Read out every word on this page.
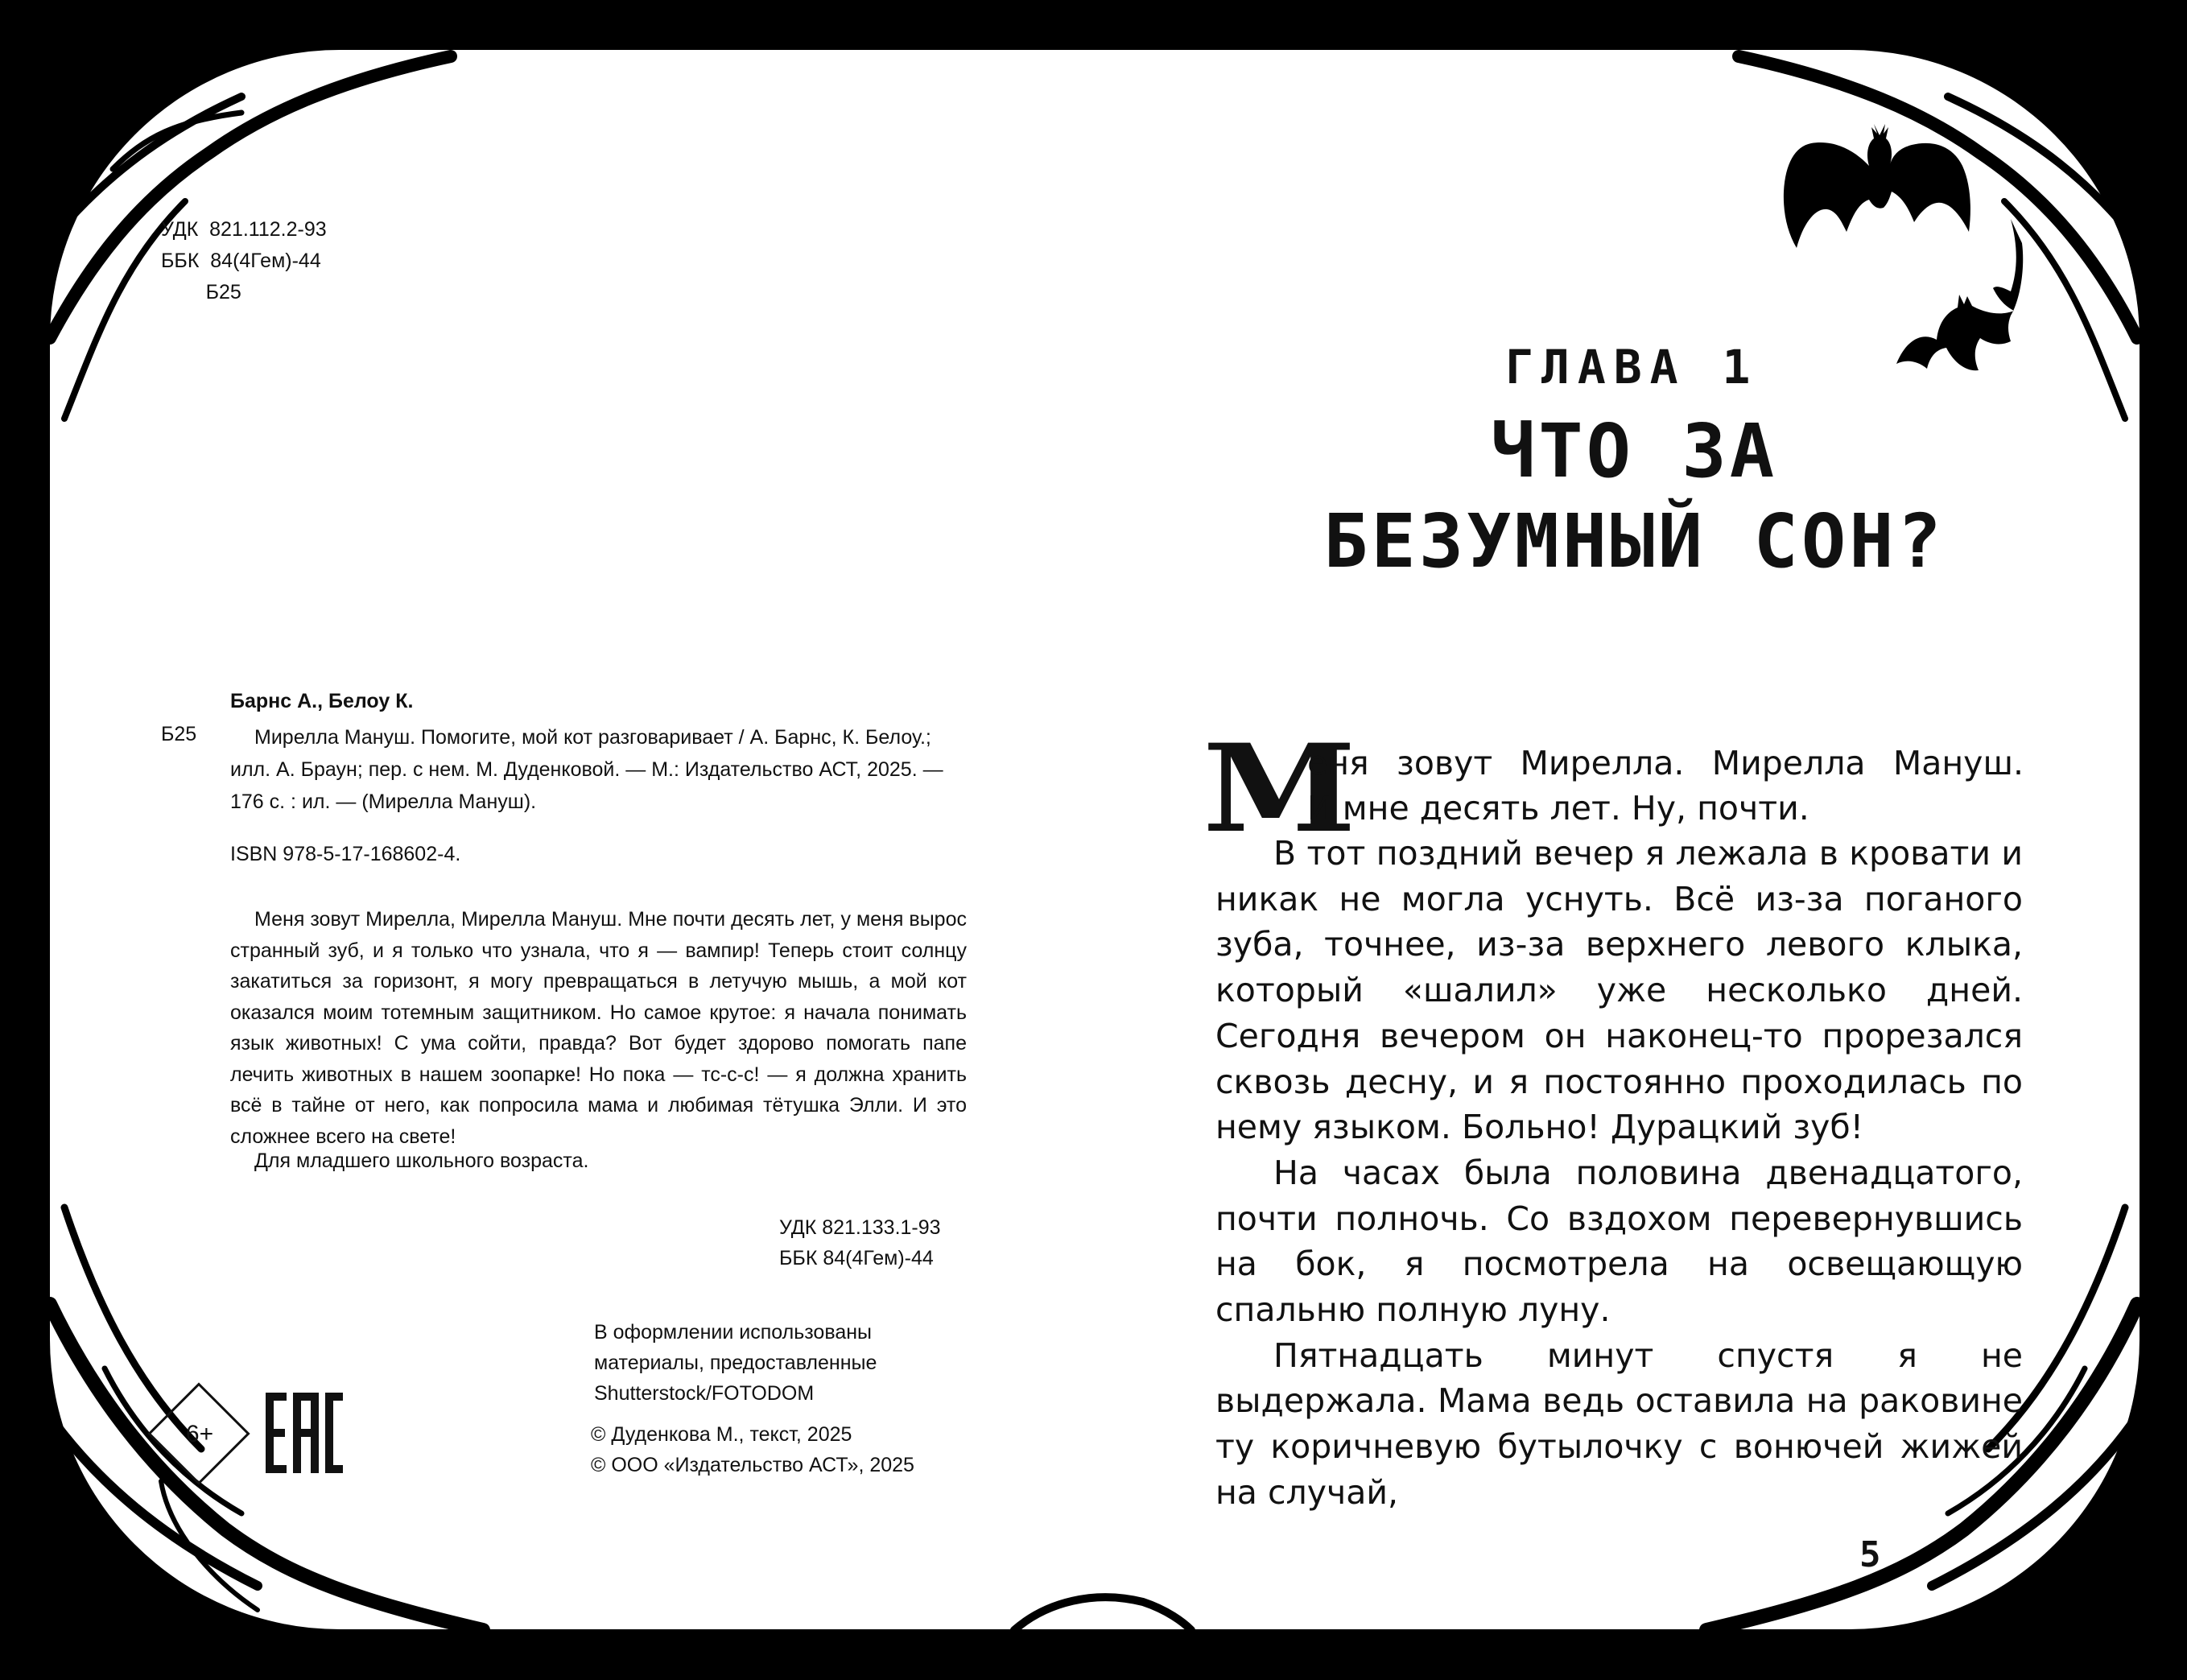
УДК  821.112.2-93
ББК  84(4Гем)-44
Б25
Барнс А., Белоу К.
Б25	Мирелла Мануш. Помогите, мой кот разговаривает / А. Барнс, К. Белоу.; илл. А. Браун; пер. с нем. М. Дуденковой. — М.: Издательство АСТ, 2025. — 176 с. : ил. — (Мирелла Мануш).
ISBN 978-5-17-168602-4.
Меня зовут Мирелла, Мирелла Мануш. Мне почти десять лет, у меня вырос странный зуб, и я только что узнала, что я — вампир! Теперь стоит солнцу закатиться за горизонт, я могу превращаться в летучую мышь, а мой кот оказался моим тотемным защитником. Но самое крутое: я начала понимать язык животных! С ума сойти, правда? Вот будет здорово помогать папе лечить животных в нашем зоопарке! Но пока — тс-с-с! — я должна хранить всё в тайне от него, как попросила мама и любимая тётушка Элли. И это сложнее всего на свете!
Для младшего школьного возраста.
УДК 821.133.1-93
ББК 84(4Гем)-44
В оформлении использованы материалы, предоставленные Shutterstock/FOTODOM
© Дуденкова М., текст, 2025
© ООО «Издательство АСТ», 2025
6+
ГЛАВА 1
ЧТО ЗА БЕЗУМНЫЙ СОН?
М
еня зовут Мирелла. Мирелла Мануш.
И мне десять лет. Ну, почти.

В тот поздний вечер я лежала в кровати и никак не могла уснуть. Всё из-за поганого зуба, точнее, из-за верхнего левого клыка, который «шалил» уже несколько дней. Сегодня вечером он наконец-то прорезался сквозь десну, и я постоянно проходилась по нему языком. Больно! Дурацкий зуб!

На часах была половина двенадцатого, почти полночь. Со вздохом перевернувшись на бок, я посмотрела на освещающую спальню полную луну.

Пятнадцать минут спустя я не выдержала. Мама ведь оставила на раковине ту коричневую бутылочку с вонючей жижей на случай,

5
